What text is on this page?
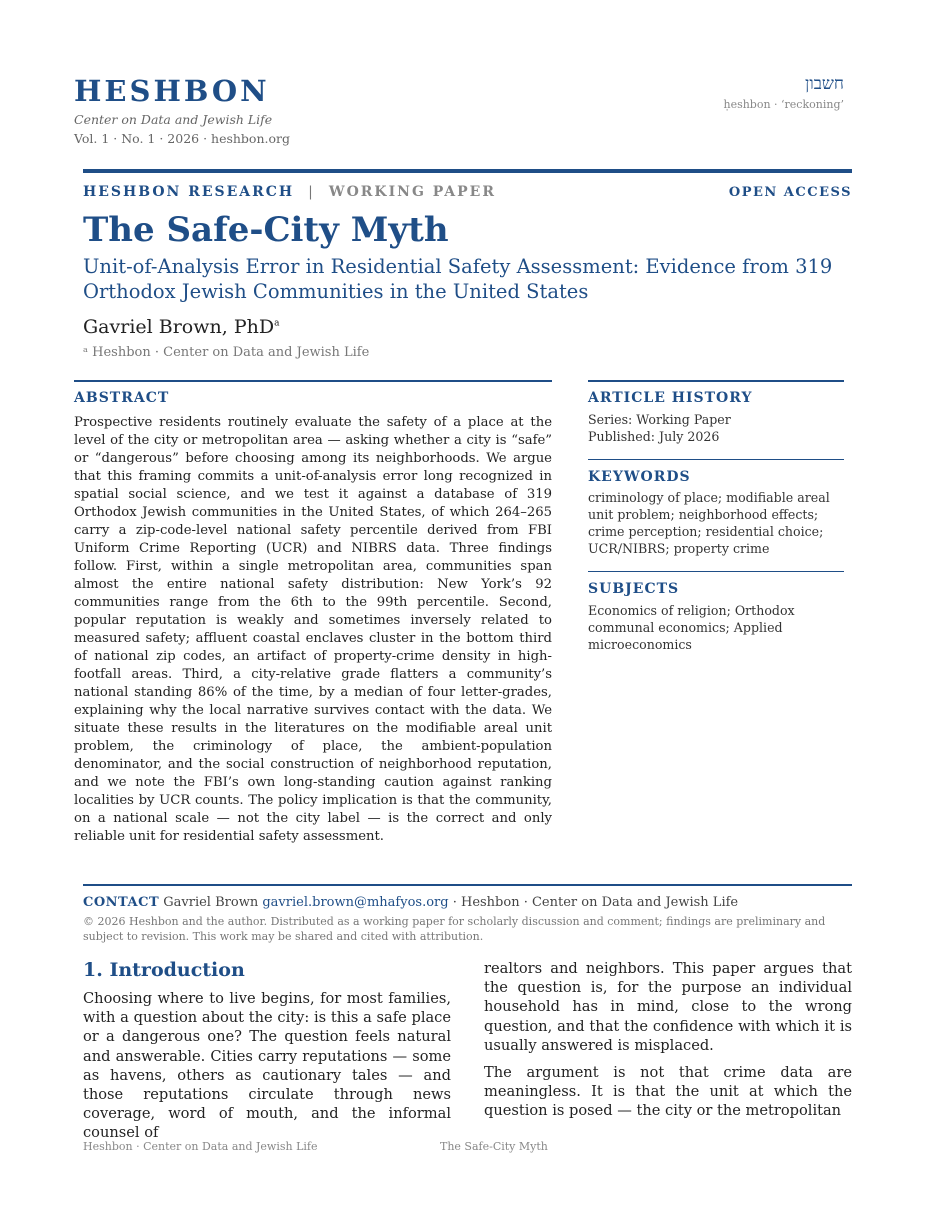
HESHBON
Center on Data and Jewish Life
Vol. 1 · No. 1 · 2026 · heshbon.org
חשבון
ḥeshbon · ‘reckoning’
HESHBON RESEARCH | WORKING PAPER	OPEN ACCESS
The Safe-City Myth
Unit-of-Analysis Error in Residential Safety Assessment: Evidence from 319 Orthodox Jewish Communities in the United States
Gavriel Brown, PhD$^a$
ᵃ Heshbon · Center on Data and Jewish Life
ABSTRACT
Prospective residents routinely evaluate the safety of a place at the level of the city or metropolitan area — asking whether a city is “safe” or “dangerous” before choosing among its neighborhoods. We argue that this framing commits a unit-of-analysis error long recognized in spatial social science, and we test it against a database of 319 Orthodox Jewish communities in the United States, of which 264–265 carry a zip-code-level national safety percentile derived from FBI Uniform Crime Reporting (UCR) and NIBRS data. Three findings follow. First, within a single metropolitan area, communities span almost the entire national safety distribution: New York’s 92 communities range from the 6th to the 99th percentile. Second, popular reputation is weakly and sometimes inversely related to measured safety; affluent coastal enclaves cluster in the bottom third of national zip codes, an artifact of property-crime density in high-footfall areas. Third, a city-relative grade flatters a community’s national standing 86% of the time, by a median of four letter-grades, explaining why the local narrative survives contact with the data. We situate these results in the literatures on the modifiable areal unit problem, the criminology of place, the ambient-population denominator, and the social construction of neighborhood reputation, and we note the FBI’s own long-standing caution against ranking localities by UCR counts. The policy implication is that the community, on a national scale — not the city label — is the correct and only reliable unit for residential safety assessment.
ARTICLE HISTORY
Series: Working Paper
Published: July 2026
KEYWORDS
criminology of place; modifiable areal unit problem; neighborhood effects; crime perception; residential choice; UCR/NIBRS; property crime
SUBJECTS
Economics of religion; Orthodox communal economics; Applied microeconomics
CONTACT Gavriel Brown gavriel.brown@mhafyos.org · Heshbon · Center on Data and Jewish Life
© 2026 Heshbon and the author. Distributed as a working paper for scholarly discussion and comment; findings are preliminary and subject to revision. This work may be shared and cited with attribution.
1. Introduction

Choosing where to live begins, for most families, with a question about the city: is this a safe place or a dangerous one? The question feels natural and answerable. Cities carry reputations — some as havens, others as cautionary tales — and those reputations circulate through news coverage, word of mouth, and the informal counsel of

realtors and neighbors. This paper argues that the question is, for the purpose an individual household has in mind, close to the wrong question, and that the confidence with which it is usually answered is misplaced.

The argument is not that crime data are meaningless. It is that the unit at which the question is posed — the city or the metropolitan

Heshbon · Center on Data and Jewish Life	The Safe-City Myth
